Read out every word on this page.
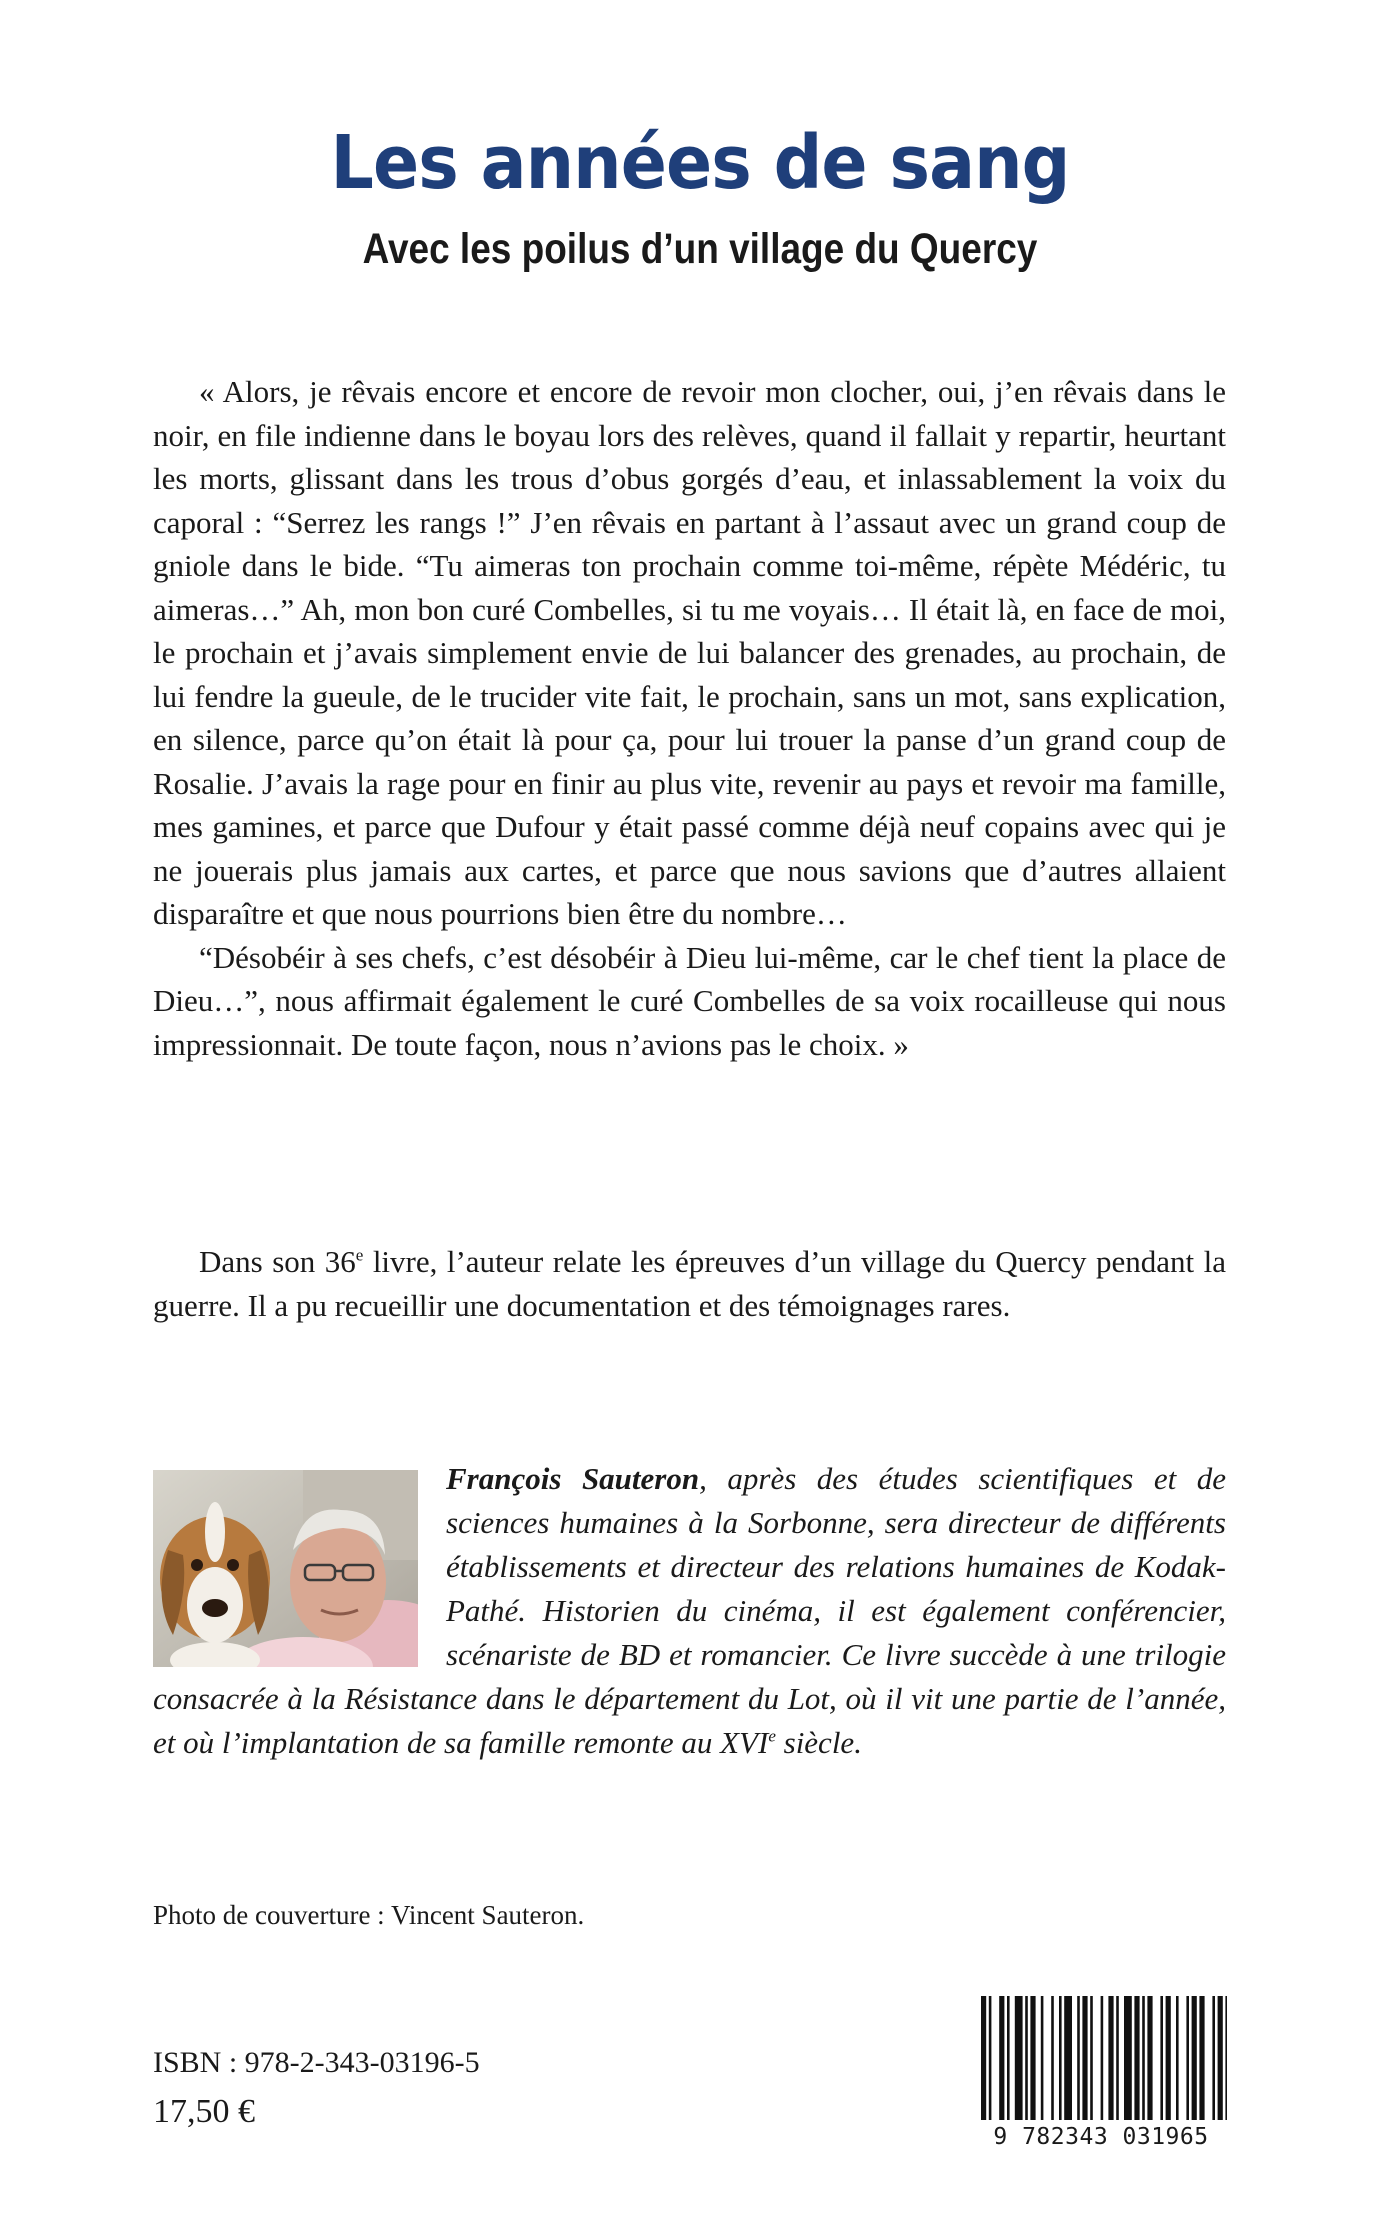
Les années de sang
Avec les poilus d’un village du Quercy

« Alors, je rêvais encore et encore de revoir mon clocher, oui, j’en rêvais dans le noir, en file indienne dans le boyau lors des relèves, quand il fallait y repartir, heurtant les morts, glissant dans les trous d’obus gorgés d’eau, et inlassablement la voix du caporal : “Serrez les rangs !” J’en rêvais en partant à l’assaut avec un grand coup de gniole dans le bide. “Tu aimeras ton prochain comme toi-même, répète Médéric, tu aimeras…” Ah, mon bon curé Combelles, si tu me voyais… Il était là, en face de moi, le prochain et j’avais simplement envie de lui balancer des grenades, au prochain, de lui fendre la gueule, de le trucider vite fait, le prochain, sans un mot, sans explication, en silence, parce qu’on était là pour ça, pour lui trouer la panse d’un grand coup de Rosalie. J’avais la rage pour en finir au plus vite, revenir au pays et revoir ma famille, mes gamines, et parce que Dufour y était passé comme déjà neuf copains avec qui je ne jouerais plus jamais aux cartes, et parce que nous savions que d’autres allaient disparaître et que nous pourrions bien être du nombre…

“Désobéir à ses chefs, c’est désobéir à Dieu lui-même, car le chef tient la place de Dieu…”, nous affirmait également le curé Combelles de sa voix rocailleuse qui nous impressionnait. De toute façon, nous n’avions pas le choix. »

Dans son 36e livre, l’auteur relate les épreuves d’un village du Quercy pendant la guerre. Il a pu recueillir une documentation et des témoignages rares.

François Sauteron, après des études scientifiques et de sciences humaines à la Sorbonne, sera directeur de différents établissements et directeur des relations humaines de Kodak-Pathé. Historien du cinéma, il est également conférencier, scénariste de BD et romancier. Ce livre succède à une trilogie consacrée à la Résistance dans le département du Lot, où il vit une partie de l’année, et où l’implantation de sa famille remonte au XVIe siècle.

Photo de couverture : Vincent Sauteron.

ISBN : 978-2-343-03196-5

17,50 €

9 782343 031965
